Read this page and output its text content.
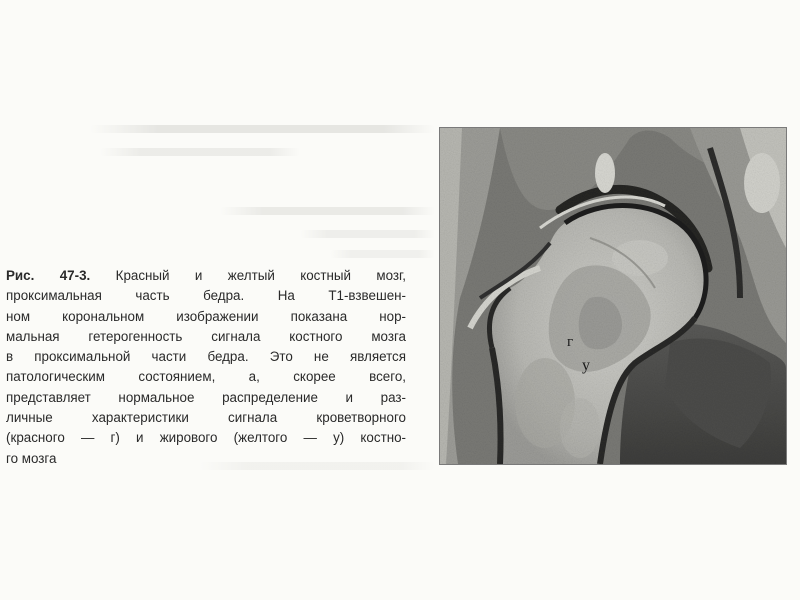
Рис. 47-3. Красный и желтый костный мозг,
проксимальная часть бедра. На Т1-взвешен-
ном корональном изображении показана нор-
мальная гетерогенность сигнала костного мозга
в проксимальной части бедра. Это не является
патологическим состоянием, а, скорее всего,
представляет нормальное распределение и раз-
личные характеристики сигнала кроветворного
(красного — г) и жирового (желтого — у) костно-
го мозга
г
у
